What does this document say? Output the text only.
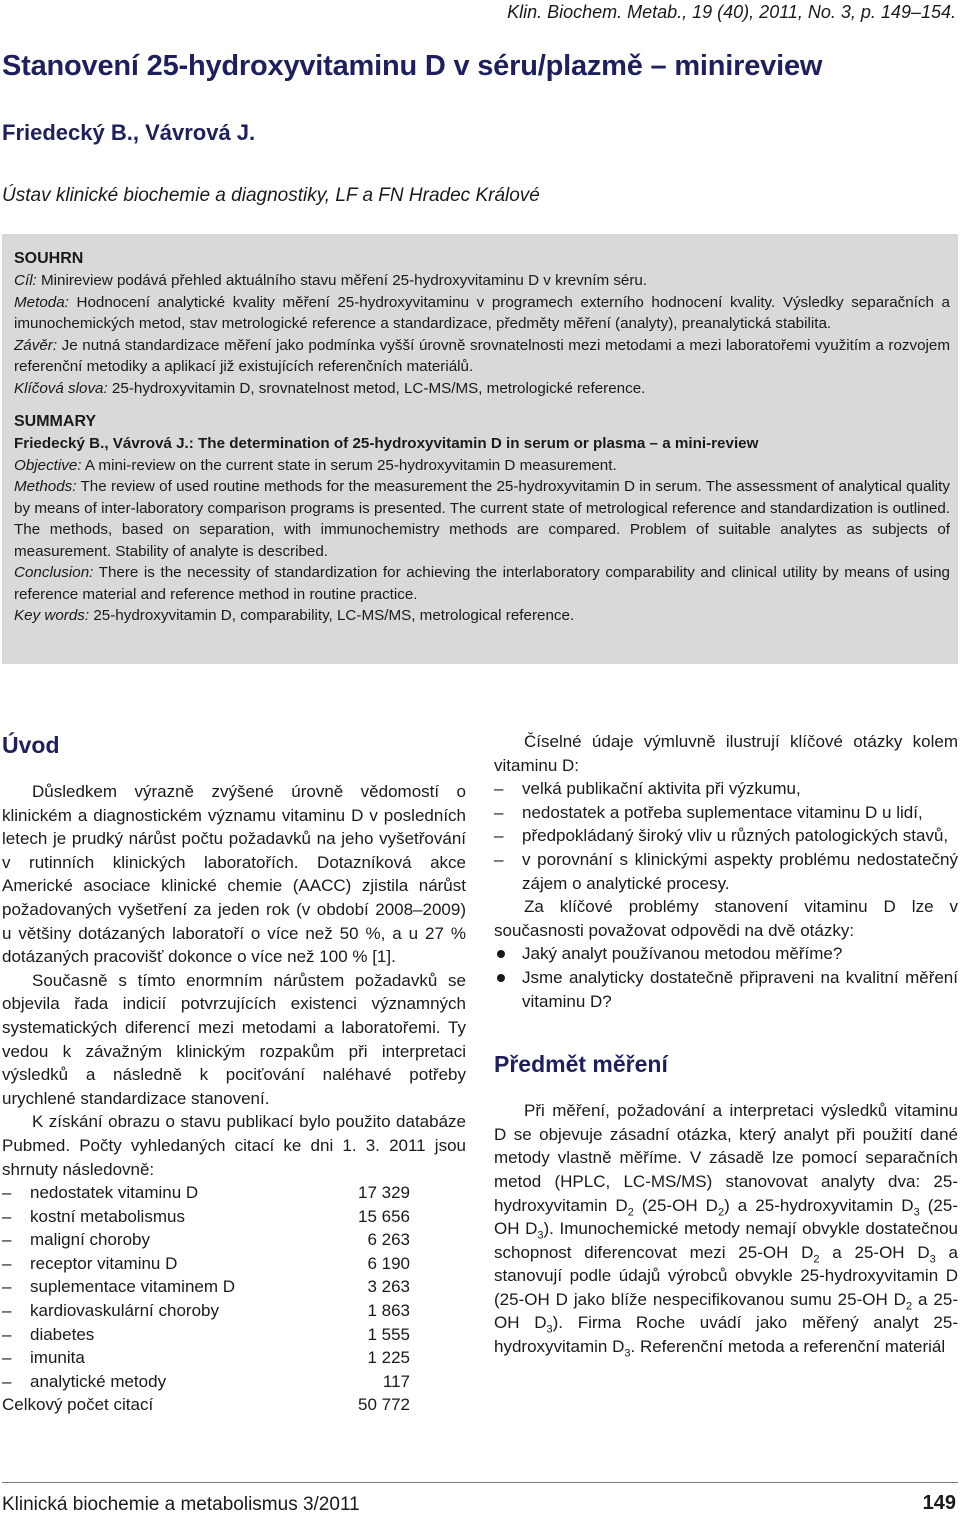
Klin. Biochem. Metab., 19 (40), 2011, No. 3, p. 149–154.
Stanovení 25-hydroxyvitaminu D v séru/plazmě – minireview

Friedecký B., Vávrová J.

Ústav klinické biochemie a diagnostiky, LF a FN Hradec Králové

SOUHRN

Cíl: Minireview podává přehled aktuálního stavu měření 25-hydroxyvitaminu D v krevním séru.

Metoda: Hodnocení analytické kvality měření 25-hydroxyvitaminu v programech externího hodnocení kvality. Výsledky separačních a imunochemických metod, stav metrologické reference a standardizace, předměty měření (analyty), preanalytická stabilita.

Závěr: Je nutná standardizace měření jako podmínka vyšší úrovně srovnatelnosti mezi metodami a mezi laboratořemi využitím a rozvojem referenční metodiky a aplikací již existujících referenčních materiálů.

Klíčová slova: 25-hydroxyvitamin D, srovnatelnost metod, LC-MS/MS, metrologické reference.

SUMMARY

Friedecký B., Vávrová J.: The determination of 25-hydroxyvitamin D in serum or plasma – a mini-review

Objective: A mini-review on the current state in serum 25-hydroxyvitamin D measurement.

Methods: The review of used routine methods for the measurement the 25-hydroxyvitamin D in serum. The assessment of analytical quality by means of inter-laboratory comparison programs is presented. The current state of metrological reference and standardization is outlined. The methods, based on separation, with immunochemistry methods are compared. Problem of suitable analytes as subjects of measurement. Stability of analyte is described.

Conclusion: There is the necessity of standardization for achieving the interlaboratory comparability and clinical utility by means of using reference material and reference method in routine practice.

Key words: 25-hydroxyvitamin D, comparability, LC-MS/MS, metrological reference.

Úvod

Důsledkem výrazně zvýšené úrovně vědomostí o klinickém a diagnostickém významu vitaminu D v posledních letech je prudký nárůst počtu požadavků na jeho vyšetřování v rutinních klinických laboratořích. Dotazníková akce Americké asociace klinické chemie (AACC) zjistila nárůst požadovaných vyšetření za jeden rok (v období 2008–2009) u většiny dotázaných laboratoří o více než 50 %, a u 27 % dotázaných pracovišť dokonce o více než 100 % [1].

Současně s tímto enormním nárůstem požadavků se objevila řada indicií potvrzujících existenci významných systematických diferencí mezi metodami a laboratořemi. Ty vedou k závažným klinickým rozpakům při interpretaci výsledků a následně k pociťování naléhavé potřeby urychlené standardizace stanovení.

K získání obrazu o stavu publikací bylo použito databáze Pubmed. Počty vyhledaných citací ke dni 1. 3. 2011 jsou shrnuty následovně:

–	nedostatek vitaminu D	17 329
–	kostní metabolismus	15 656
–	maligní choroby	6 263
–	receptor vitaminu D	6 190
–	suplementace vitaminem D	3 263
–	kardiovaskulární choroby	1 863
–	diabetes	1 555
–	imunita	1 225
–	analytické metody	117
Celkový počet citací	50 772

Číselné údaje výmluvně ilustrují klíčové otázky kolem vitaminu D:

–	velká publikační aktivita při výzkumu,
–	nedostatek a potřeba suplementace vitaminu D u lidí,
–	předpokládaný široký vliv u různých patologických stavů,
–	v porovnání s klinickými aspekty problému nedostatečný zájem o analytické procesy.

Za klíčové problémy stanovení vitaminu D lze v současnosti považovat odpovědi na dvě otázky:

Jaký analyt používanou metodou měříme?
Jsme analyticky dostatečně připraveni na kvalitní měření vitaminu D?
Předmět měření

Při měření, požadování a interpretaci výsledků vitaminu D se objevuje zásadní otázka, který analyt při použití dané metody vlastně měříme. V zásadě lze pomocí separačních metod (HPLC, LC-MS/MS) stanovovat analyty dva: 25-hydroxyvitamin $D_2$ (25-OH $D_2$) a 25-hydroxyvitamin $D_3$ (25-OH $D_3$). Imunochemické metody nemají obvykle dostatečnou schopnost diferencovat mezi 25-OH $D_2$ a 25-OH $D_3$ a stanovují podle údajů výrobců obvykle 25-hydroxyvitamin D (25-OH D jako blíže nespecifikovanou sumu 25-OH $D_2$ a 25-OH $D_3$). Firma Roche uvádí jako měřený analyt 25-hydroxyvitamin $D_3$. Referenční metoda a referenční materiál

Klinická biochemie a metabolismus 3/2011	149
